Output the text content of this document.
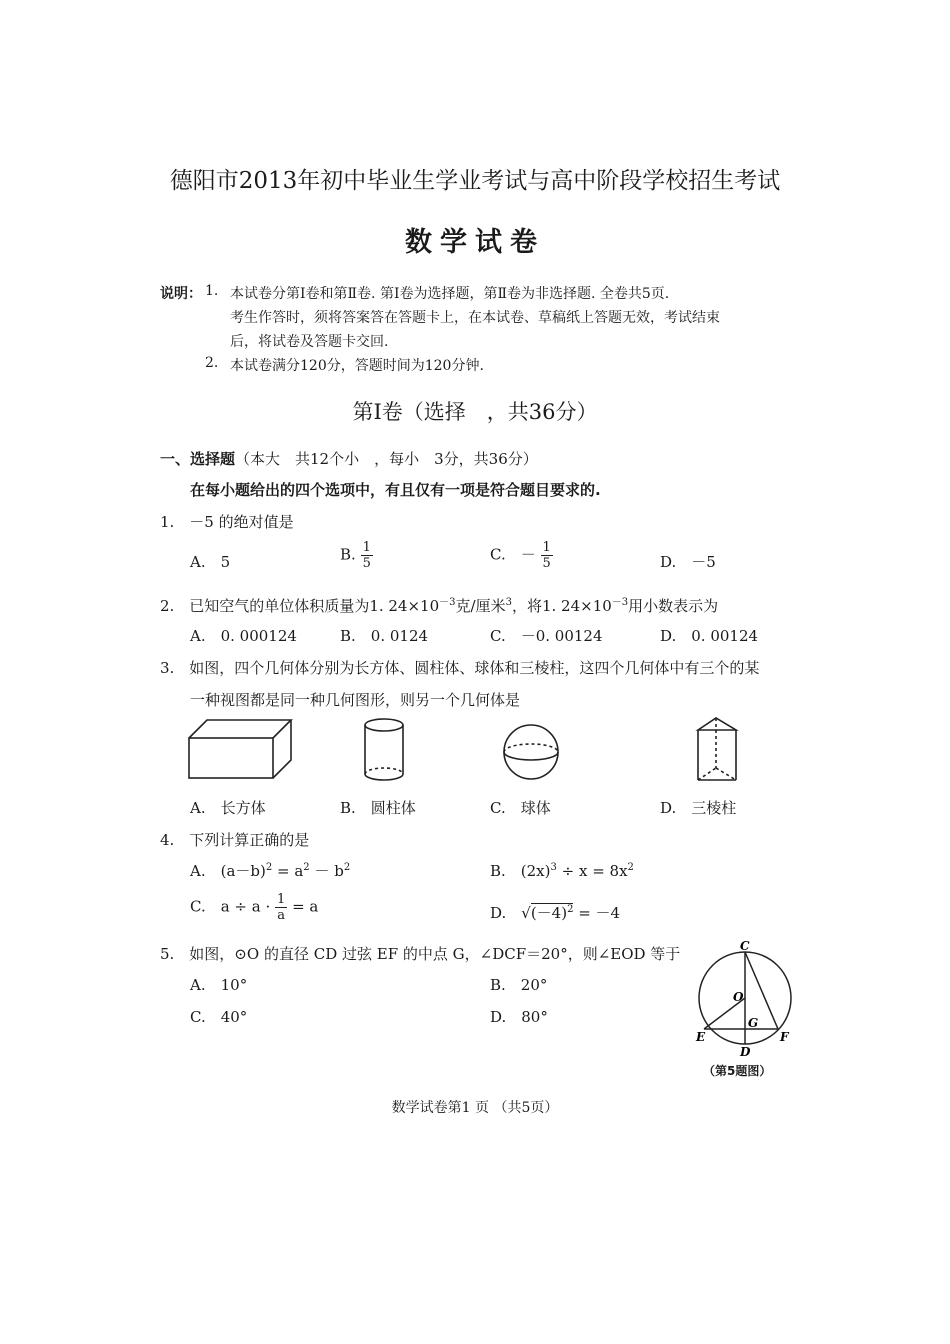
德阳市2013年初中毕业生学业考试与高中阶段学校招生考试
数学试卷
说明： 1. 本试卷分第Ⅰ卷和第Ⅱ卷. 第Ⅰ卷为选择题，第Ⅱ卷为非选择题. 全卷共5页.
考生作答时，须将答案答在答题卡上，在本试卷、草稿纸上答题无效，考试结束
后，将试卷及答题卡交回.
2. 本试卷满分120分，答题时间为120分钟.
第Ⅰ卷（选择　，共36分）
一、选择题（本大　共12个小　，每小　3分，共36分）
在每小题给出的四个选项中，有且仅有一项是符合题目要求的.
1.　－5 的绝对值是
A.　5	B. $\frac{1}{5}$	C.　－ $\frac{1}{5}$	D.　－5
2.　已知空气的单位体积质量为1. $24\times 10^{-3}$克/厘米$^3$，将1. $24\times 10^{-3}$用小数表示为
A.　0. 000124	B.　0. 0124	C.　－0. 00124	D.　0. 00124
3.　如图，四个几何体分别为长方体、圆柱体、球体和三棱柱，这四个几何体中有三个的某
一种视图都是同一种几何图形，则另一个几何体是
A.　长方体	B.　圆柱体	C.　球体	D.　三棱柱
4.　下列计算正确的是
A.　$(a-b)^2 = a^2 - b^2$	B.　$(2x)^3 \div x = 8x^2$
C.　$a \div a \cdot \frac{1}{a} = a$	D.　$√(-4)^2 = -4$
5.　如图，⊙O 的直径 CD 过弦 EF 的中点 G，∠DCF＝20°，则∠EOD 等于
A.　10°	B.　20°
C.　40°	D.　80°
C
O
G
E	F
D
（第5题图）
数学试卷第1 页 （共5页）
